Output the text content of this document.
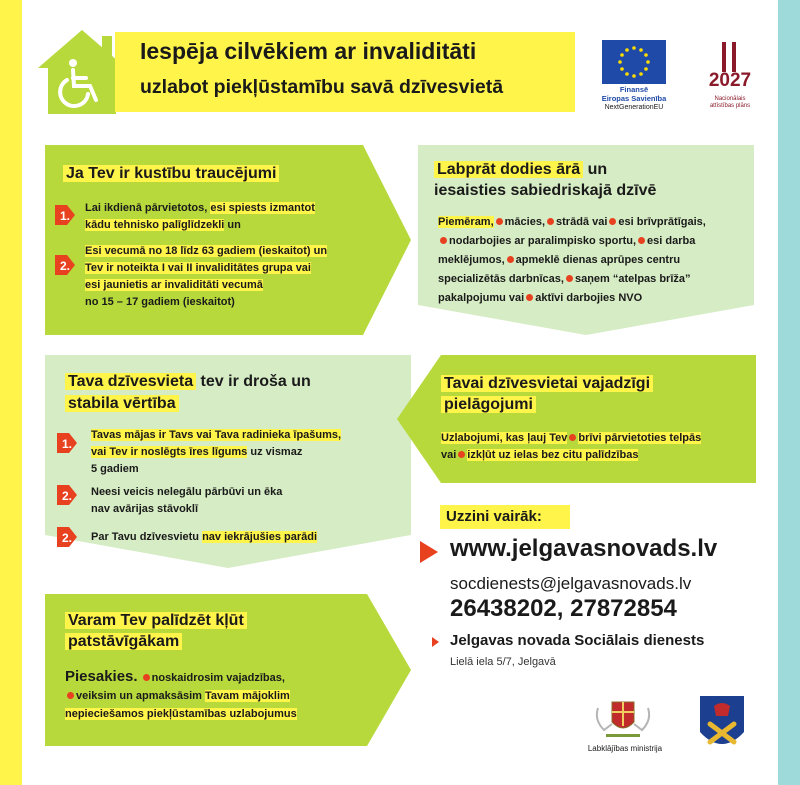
Iespēja cilvēkiem ar invaliditāti
uzlabot piekļūstamību savā dzīvesvietā	Finansē
Eiropas Savienība
NextGenerationEU
2027
Nacionālais
attīstības plāns
Ja Tev ir kustību traucējumi
1.
Lai ikdienā pārvietotos, esi spiests izmantot
kādu tehnisko palīglīdzekli un
2.
Esi vecumā no 18 līdz 63 gadiem (ieskaitot) un
Tev ir noteikta I vai II invaliditātes grupa vai
esi jaunietis ar invaliditāti vecumā
no 15 – 17 gadiem (ieskaitot)
Labprāt dodies ārā un
iesaisties sabiedriskajā dzīvē
Piemēram, mācies, strādā vai esi brīvprātīgais,
nodarbojies ar paralimpisko sportu, esi darba
meklējumos, apmeklē dienas aprūpes centru
specializētās darbnīcas, saņem “atelpas brīža”
pakalpojumu vai aktīvi darbojies NVO
Tava dzīvesvieta tev ir droša un
stabila vērtība
1.
Tavas mājas ir Tavs vai Tava radinieka īpašums,
vai Tev ir noslēgts īres līgums uz vismaz
5 gadiem
2. Neesi veicis nelegālu pārbūvi un ēka
nav avārijas stāvoklī
2. Par Tavu dzīvesvietu nav iekrājušies parādi
Tavai dzīvesvietai vajadzīgi
pielāgojumi
Uzlabojumi, kas ļauj Tev brīvi pārvietoties telpās
vai izkļūt uz ielas bez citu palīdzības
Varam Tev palīdzēt kļūt
patstāvīgākam
Piesakies. noskaidrosim vajadzības,
veiksim un apmaksāsim Tavam mājoklim
nepieciešamos piekļūstamības uzlabojumus
Uzzini vairāk:
www.jelgavasnovads.lv
socdienests@jelgavasnovads.lv
26438202, 27872854
Jelgavas novada Sociālais dienests
Lielā iela 5/7, Jelgavā
Labklājības ministrija
